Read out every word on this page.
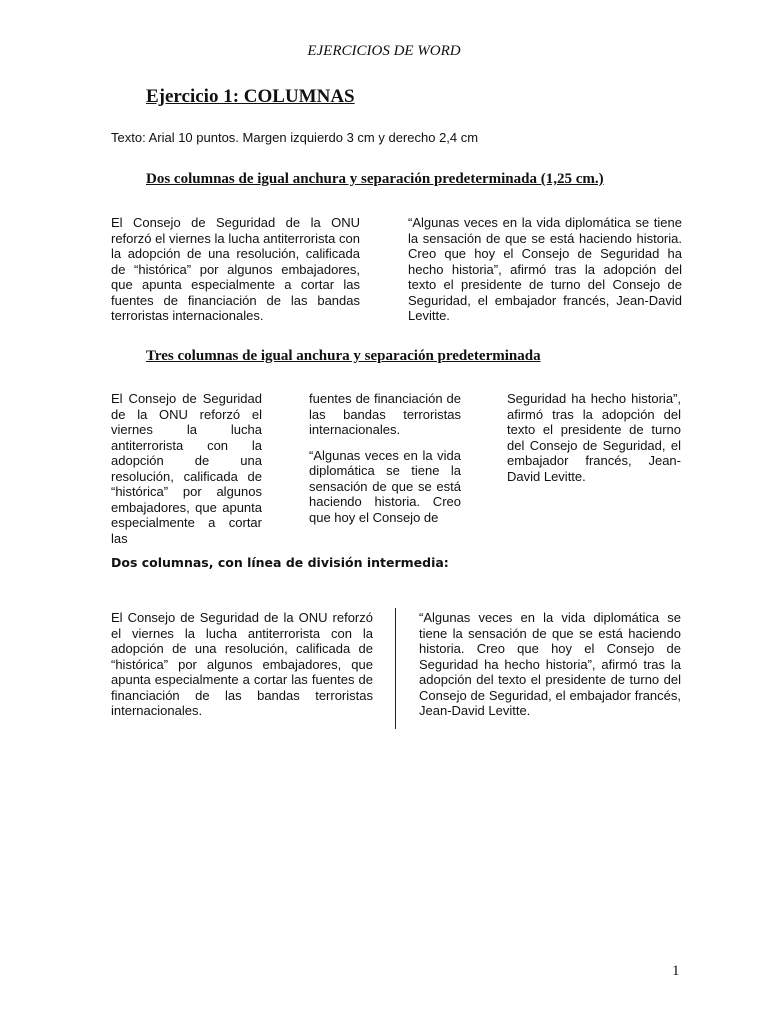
EJERCICIOS DE WORD
Ejercicio 1: COLUMNAS
Texto: Arial 10 puntos. Margen izquierdo 3 cm y derecho 2,4 cm
Dos columnas de igual anchura y separación predeterminada (1,25 cm.)

El Consejo de Seguridad de la ONU reforzó el viernes la lucha antiterrorista con la adopción de una resolución, calificada de “histórica” por algunos embajadores, que apunta especialmente a cortar las fuentes de financiación de las bandas terroristas internacionales.

“Algunas veces en la vida diplomática se tiene la sensación de que se está haciendo historia. Creo que hoy el Consejo de Seguridad ha hecho historia”, afirmó tras la adopción del texto el presidente de turno del Consejo de Seguridad, el embajador francés, Jean-David Levitte.

Tres columnas de igual anchura y separación predeterminada

El Consejo de Seguridad de la ONU reforzó el viernes la lucha antiterrorista con la adopción de una resolución, calificada de “histórica” por algunos embajadores, que apunta especialmente a cortar las

fuentes de financiación de las bandas terroristas internacionales.

“Algunas veces en la vida diplomática se tiene la sensación de que se está haciendo historia. Creo que hoy el Consejo de

Seguridad ha hecho historia”, afirmó tras la adopción del texto el presidente de turno del Consejo de Seguridad, el embajador francés, Jean-David Levitte.

Dos columnas, con línea de división intermedia:

El Consejo de Seguridad de la ONU reforzó el viernes la lucha antiterrorista con la adopción de una resolución, calificada de “histórica” por algunos embajadores, que apunta especialmente a cortar las fuentes de financiación de las bandas terroristas internacionales.

“Algunas veces en la vida diplomática se tiene la sensación de que se está haciendo historia. Creo que hoy el Consejo de Seguridad ha hecho historia”, afirmó tras la adopción del texto el presidente de turno del Consejo de Seguridad, el embajador francés, Jean-David Levitte.

1
